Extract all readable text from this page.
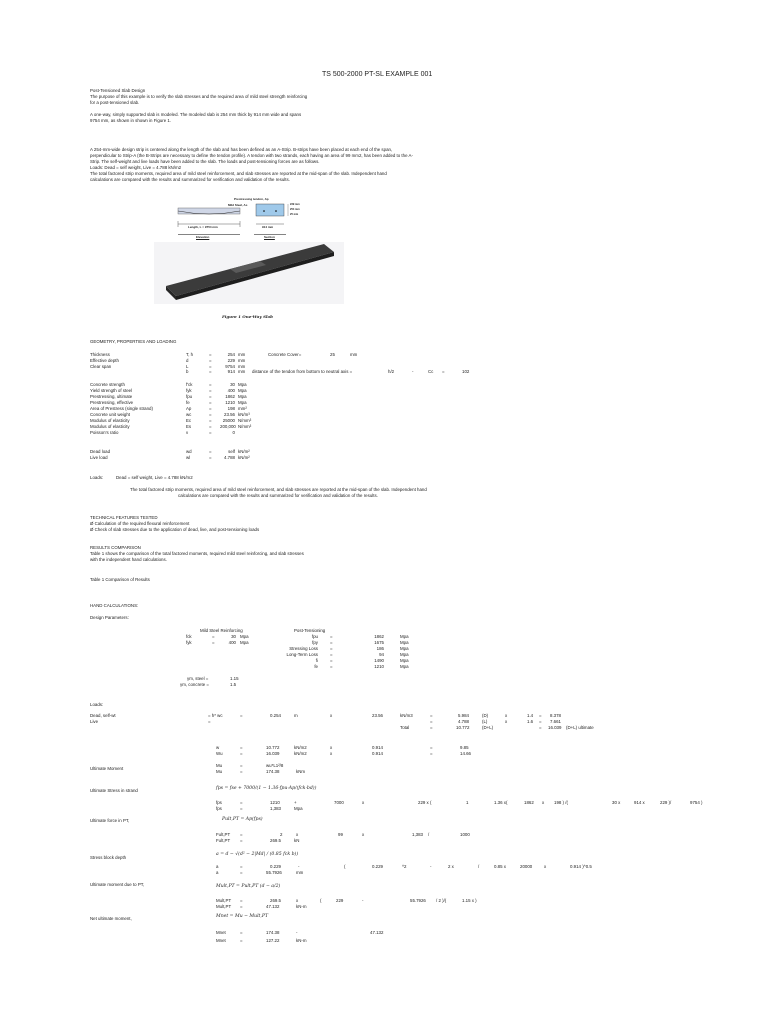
TS 500-2000 PT-SL EXAMPLE 001
Post-Tensioned Slab Design
The purpose of this example is to verify the slab stresses and the required area of mild steel strength reinforcing
for a post-tensioned slab.
A one-way, simply supported slab is modeled. The modeled slab is 254 mm thick by 914 mm wide and spans
9754 mm, as shown in shown in Figure 1.
A 254-mm-wide design strip is centered along the length of the slab and has been defined as an A-Strip. B-strips have been placed at each end of the span,
perpendicular to Strip-A (the B-Strips are necessary to define the tendon profile). A tendon with two strands, each having an area of 99 mm2, has been added to the A-
Strip. The self-weight and live loads have been added to the slab. The loads and post-tensioning forces are as follows.
Loads: Dead = self weight, Live = 4.788 kN/m2
The total factored strip moments, required area of mild steel reinforcement, and slab stresses are reported at the mid-span of the slab. Independent hand
calculations are compared with the results and summarized for verification and validation of the results.
Prestressing tendon, Ap
Mild Steel, As
Length, L = 9754 mm
Elevation
914 mm
Section
229 mm
254 mm
25 mm
Figure 1 One-Way Slab
GEOMETRY, PROPERTIES AND LOADING
Thickness	T, h	=	254 mm
Effective depth	d	=	229 mm
Clear span	L	=	9754 mm
b	=	914 mm
Concrete strength	f'ck	=	30 Mpa
Yield strength of steel	fyk	=	400 Mpa
Prestressing, ultimate	fpu	=	1862 Mpa
Prestressing, effective	fe	=	1210 Mpa
Area of Prestress (single strand)	Ap	=	198 mm²
Concrete unit weight	wc	=	23.56 kN/m³
Modulus of elasticity	Ec	=	25000 N/mm³
Modulus of elasticity	Es	= 200,000 N/mm³
Poisson's ratio	ν	=	0
Dead load	wd	=	self kN/m²
Live load	wl	=	4.788 kN/m²
Concrete Cover=	25	mm
distance of the tendon from bottom to neutral axis =	h/2	-	Cc =	102
Loads:	Dead = self weight, Live = 4.788 kN/m2
The total factored strip moments, required area of mild steel reinforcement, and slab stresses are reported at the mid-span of the slab. Independent hand
calculations are compared with the results and summarized for verification and validation of the results.
TECHNICAL FEATURES TESTED
Ø Calculation of the required flexural reinforcement
Ø Check of slab stresses due to the application of dead, live, and post-tensioning loads
RESULTS COMPARISON
Table 1 shows the comparison of the total factored moments, required mild steel reinforcing, and slab stresses
with the independent hand calculations.
Table 1 Comparison of Results
HAND CALCULATIONS:
Design Parameters:
Mild Steel Reinforcing	Post-Tensioning
fck	=	30 Mpa
fyk	=	400 Mpa
fpu	=	1862	Mpa
fpy	=	1675	Mpa
Stressing Loss	=	186	Mpa
Long-Term Loss	=	94	Mpa
fi	=	1490	Mpa
fe	=	1210	Mpa
γm, steel =	1.15
γm, concrete =	1.5
Loads:
Dead, self-wt	= h* wc	=	0.254	m	x	23.56	kN/m3	=	5.984	(D)	x	1.4 = 8.378
Live	=	=	4.788	(L)	x	1.6 = 7.661
Total	=	10.772	(D+L)	= 16.039 (D+L) ultimate
w	=	10.772	kN/m2	x	0.914	=	9.85
Wu	=	16.039	kN/m2	x	0.914	=	14.66
Ultimate Moment
Mu	=	wu*L1²/8
Mu	=	174.38	kNm
Ultimate Stress in strand	fps = fse + 7000/(1 − 1.36·fpu·Ap/(fck·bd))
fps	=	1210	+	7000	x	229 x (	1	1.36 x(	1862 x 198 ) /(	30 x	914 x	229 )/	9754 )
fps	=	1,383	Mpa
Ultimate force in PT,	Pult,PT = Ap(fps)
Fult,PT =	2	x	99	x	1,383 /	1000
Fult,PT =	269.5	kN
Stress block depth
a = d − √(d² − 2|Md| / (0.85 fck b))
a	=	0.229	-	(	0.229	^2	-	2 x	/	0.85 x	20000	x	0.914 )^0.5
a	=	55.7926	mm
Ultimate moment due to PT,	Mult,PT = Pult,PT (d − a/2)
Mult,PT =	269.5	x	(	229	-	55.7926 / 2 )/(	1.15 x )
Mult,PT =	47.132	kN-m
Net ultimate moment,	Mnet = Mu − Mult,PT
Mnet	=	174.38	-	47.132
Mnet	=	127.22	kN-m
